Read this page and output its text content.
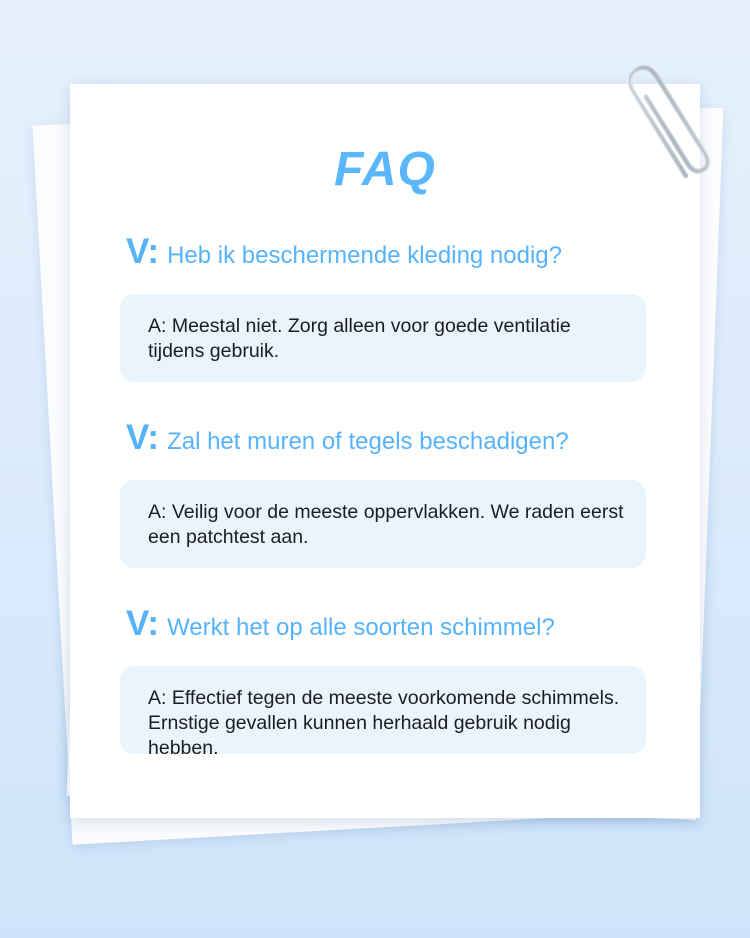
FAQ
V: Heb ik beschermende kleding nodig?
A: Meestal niet. Zorg alleen voor goede ventilatie tijdens gebruik.
V: Zal het muren of tegels beschadigen?
A: Veilig voor de meeste oppervlakken. We raden eerst een patchtest aan.
V: Werkt het op alle soorten schimmel?
A: Effectief tegen de meeste voorkomende schimmels. Ernstige gevallen kunnen herhaald gebruik nodig hebben.
